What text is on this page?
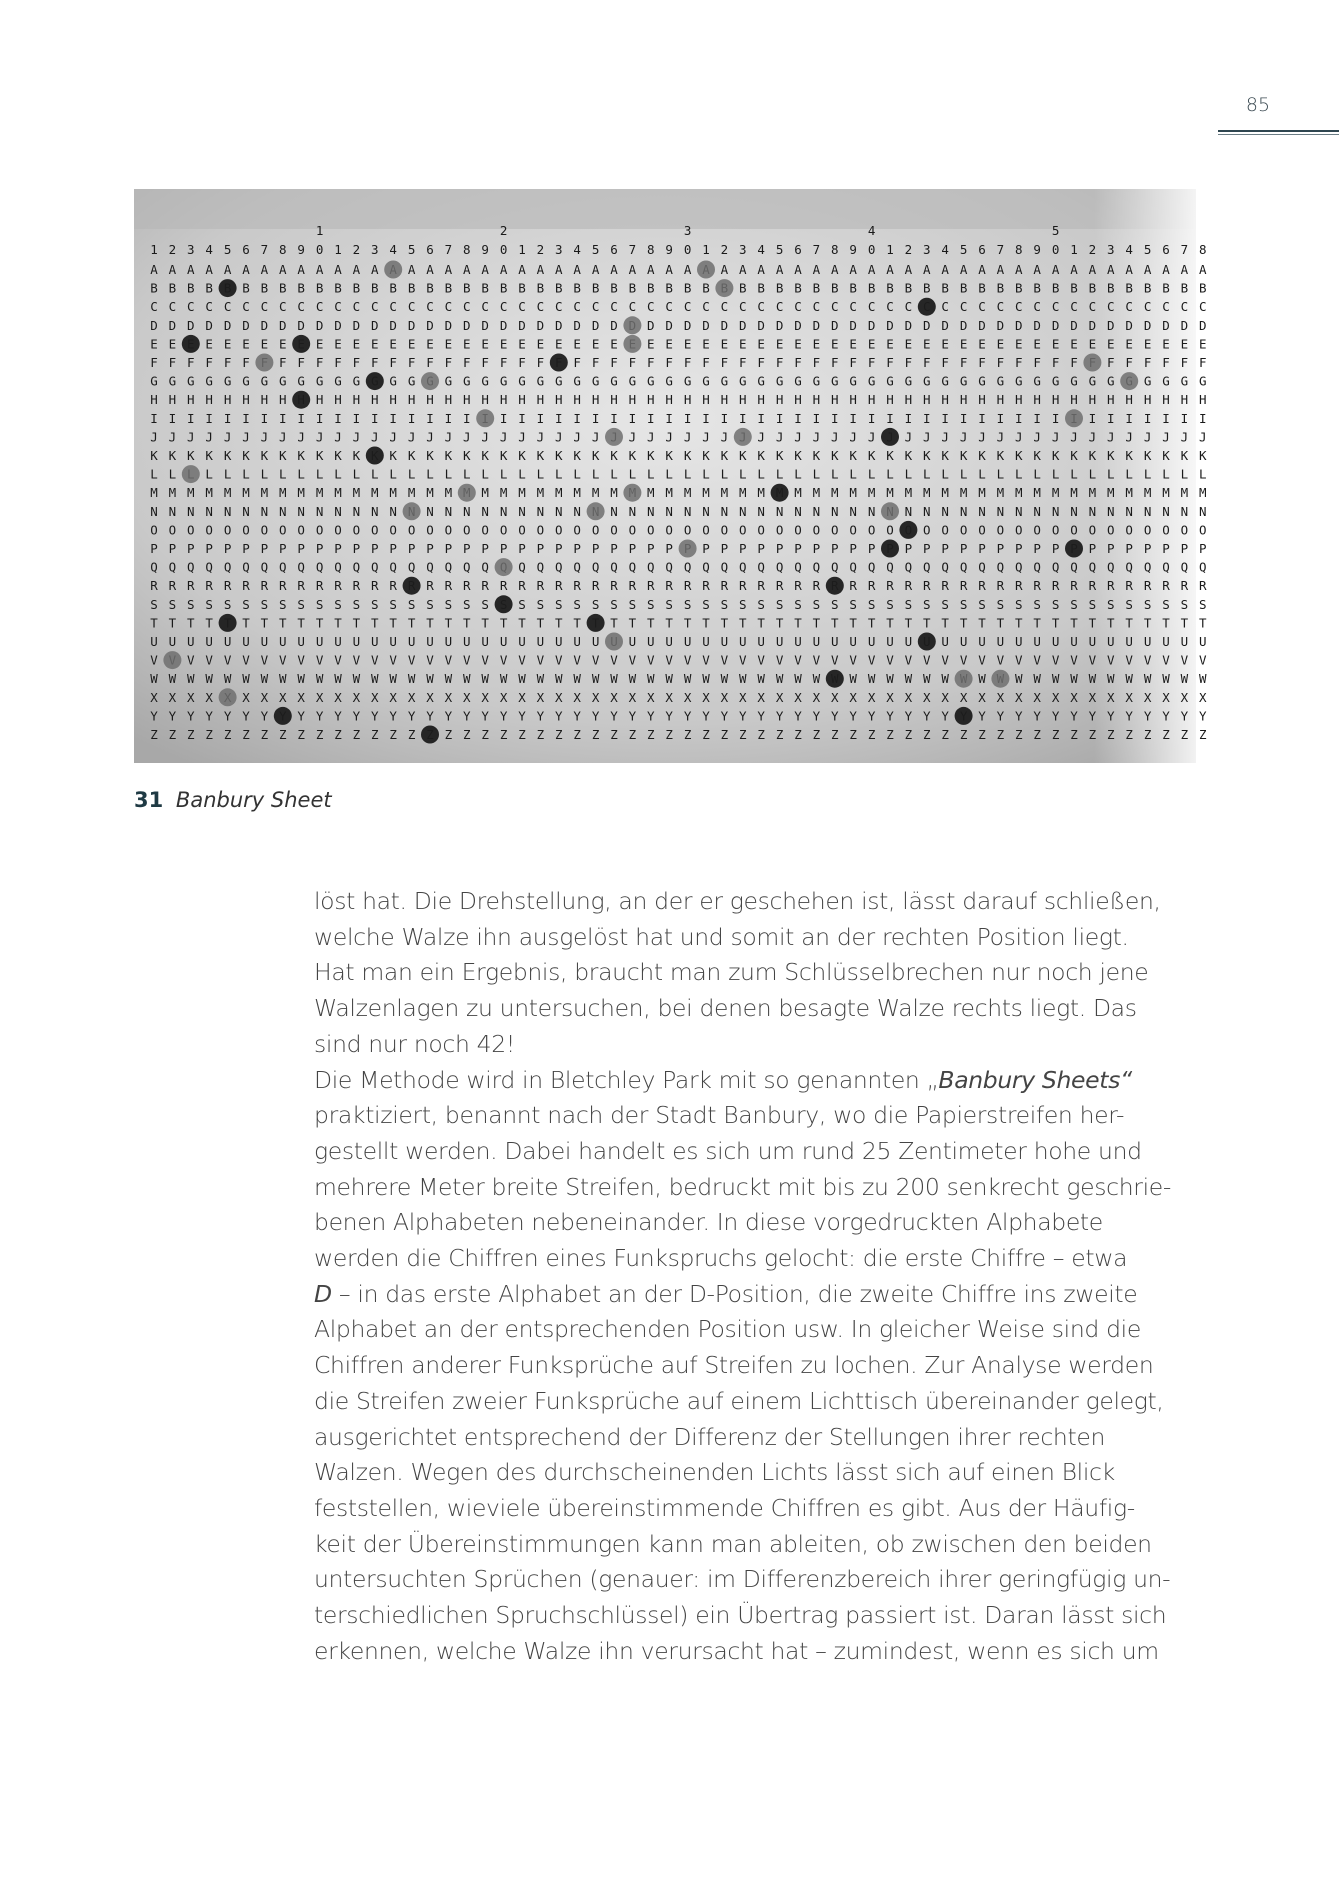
85
1	2	3	4	5
1 2 3 4 5 6 7 8 9 0 1 2 3 4 5 6 7 8 9 0 1 2 3 4 5 6 7 8 9 0 1 2 3 4 5 6 7 8 9 0 1 2 3 4 5 6 7 8 9 0 1 2 3 4 5 6 7 8
A A A A A A A A A A A A A A A A A A A A A A A A A A A A A A A A A A A A A A A A A A A A A A A A A A A A A A A A
B B B B B B B B B B B B B B B B B B B B B B B B B B B B B B B B B B B B B B B B B B B B B B B B B B B B B B B B
C C C C C C C C C C C C C C C C C C C C C C C C C C C C C C C C C C C C C C C C C C C C C C C C C C C C C C C C C
D D D D D D D D D D D D D D D D D D D D D D D D D D D D D D D D D D D D D D D D D D D D D D D D D D D D D D D D D
E E E E E E E E E E E E E E E E E E E E E E E E E E E E E E E E E E E E E E E E E E E E E E E E E E E E E E E
F F F F F F F F F F F F F F F F F F F F F F F F F F F F F F F F F F F F F F F F F F F F F F F F F F F F F F F
G G G G G G G G G G G G G G G G G G G G G G G G G G G G G G G G G G G G G G G G G G G G G G G G G G G G G G G
H H H H H H H H H H H H H H H H H H H H H H H H H H H H H H H H H H H H H H H H H H H H H H H H H H H H H H H H H
I I I I I I I I I I I I I I I I I I I I I I I I I I I I I I I I I I I I I I I I I I I I I I I I I I I I I I I I
J J J J J J J J J J J J J J J J J J J J J J J J J J J J J J J J J J J J J J J J J J J J J J J J J J J J J J J
K K K K K K K K K K K K K K K K K K K K K K K K K K K K K K K K K K K K K K K K K K K K K K K K K K K K K K K K K
L L L L L L L L L L L L L L L L L L L L L L L L L L L L L L L L L L L L L L L L L L L L L L L L L L L L L L L L L
M M M M M M M M M M M M M M M M M M M M M M M M M M M M M M M M M M M M M M M M M M M M M M M M M M M M M M M
N N N N N N N N N N N N N N N N N N N N N N N N N N N N N N N N N N N N N N N N N N N N N N N N N N N N N N N
O O O O O O O O O O O O O O O O O O O O O O O O O O O O O O O O O O O O O O O O O O O O O O O O O O O O O O O O O
P P P P P P P P P P P P P P P P P P P P P P P P P P P P P P P P P P P P P P P P P P P P P P P P P P P P P P P
Q Q Q Q Q Q Q Q Q Q Q Q Q Q Q Q Q Q Q Q Q Q Q Q Q Q Q Q Q Q Q Q Q Q Q Q Q Q Q Q Q Q Q Q Q Q Q Q Q Q Q Q Q Q Q Q Q
R R R R R R R R R R R R R R R R R R R R R R R R R R R R R R R R R R R R R R R R R R R R R R R R R R R R R R R R
S S S S S S S S S S S S S S S S S S S S S S S S S S S S S S S S S S S S S S S S S S S S S S S S S S S S S S S S S
T T T T T T T T T T T T T T T T T T T T T T T T T T T T T T T T T T T T T T T T T T T T T T T T T T T T T T T T
U U U U U U U U U U U U U U U U U U U U U U U U U U U U U U U U U U U U U U U U U U U U U U U U U U U U U U U U
V V V V V V V V V V V V V V V V V V V V V V V V V V V V V V V V V V V V V V V V V V V V V V V V V V V V V V V V V
W W W W W W W W W W W W W W W W W W W W W W W W W W W W W W W W W W W W W W W W W W W W W W W W W W W W W W W
X X X X X X X X X X X X X X X X X X X X X X X X X X X X X X X X X X X X X X X X X X X X X X X X X X X X X X X X X
Y Y Y Y Y Y Y Y Y Y Y Y Y Y Y Y Y Y Y Y Y Y Y Y Y Y Y Y Y Y Y Y Y Y Y Y Y Y Y Y Y Y Y Y Y Y Y Y Y Y Y Y Y Y Y Y
Z Z Z Z Z Z Z Z Z Z Z Z Z Z Z Z Z Z Z Z Z Z Z Z Z Z Z Z Z Z Z Z Z Z Z Z Z Z Z Z Z Z Z Z Z Z Z Z Z Z Z Z Z Z Z Z Z
31 Banbury Sheet

löst hat. Die Drehstellung, an der er geschehen ist, lässt darauf schließen,

welche Walze ihn ausgelöst hat und somit an der rechten Position liegt.

Hat man ein Ergebnis, braucht man zum Schlüsselbrechen nur noch jene

Walzenlagen zu untersuchen, bei denen besagte Walze rechts liegt. Das

sind nur noch 42!

Die Methode wird in Bletchley Park mit so genannten „Banbury Sheets“

praktiziert, benannt nach der Stadt Banbury, wo die Papierstreifen her-

gestellt werden. Dabei handelt es sich um rund 25 Zentimeter hohe und

mehrere Meter breite Streifen, bedruckt mit bis zu 200 senkrecht geschrie-

benen Alphabeten nebeneinander. In diese vorgedruckten Alphabete

werden die Chiffren eines Funkspruchs gelocht: die erste Chiffre – etwa

D – in das erste Alphabet an der D-Position, die zweite Chiffre ins zweite

Alphabet an der entsprechenden Position usw. In gleicher Weise sind die

Chiffren anderer Funksprüche auf Streifen zu lochen. Zur Analyse werden

die Streifen zweier Funksprüche auf einem Lichttisch übereinander gelegt,

ausgerichtet entsprechend der Differenz der Stellungen ihrer rechten

Walzen. Wegen des durchscheinenden Lichts lässt sich auf einen Blick

feststellen, wieviele übereinstimmende Chiffren es gibt. Aus der Häufig-

keit der Übereinstimmungen kann man ableiten, ob zwischen den beiden

untersuchten Sprüchen (genauer: im Differenzbereich ihrer geringfügig un-

terschiedlichen Spruchschlüssel) ein Übertrag passiert ist. Daran lässt sich

erkennen, welche Walze ihn verursacht hat – zumindest, wenn es sich um
